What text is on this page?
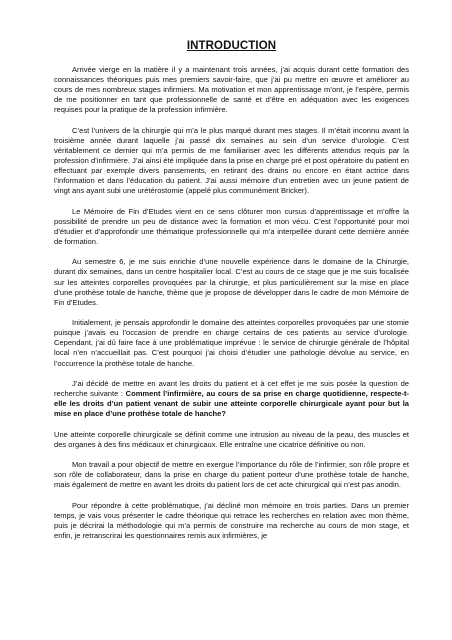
INTRODUCTION

Arrivée vierge en la matière il y a maintenant trois années, j’ai acquis durant cette formation des connaissances théoriques puis mes premiers savoir-faire, que j’ai pu mettre en œuvre et améliorer au cours de mes nombreux stages infirmiers. Ma motivation et mon apprentissage m’ont, je l’espère, permis de me positionner en tant que professionnelle de santé et d’être en adéquation avec les exigences requises pour la pratique de la profession infirmière.

C’est l’univers de la chirurgie qui m’a le plus marqué durant mes stages. Il m’était inconnu avant la troisième année durant laquelle j’ai passé dix semaines au sein d’un service d’urologie. C’est véritablement ce dernier qui m’a permis de me familiariser avec les différents attendus requis par la profession d’infirmière. J’ai ainsi été impliquée dans la prise en charge pré et post opératoire du patient en effectuant par exemple divers pansements, en retirant des drains ou encore en étant actrice dans l’information et dans l’éducation du patient. J’ai aussi mémoire d’un entretien avec un jeune patient de vingt ans ayant subi une urétérostomie (appelé plus communément Bricker).

Le Mémoire de Fin d’Etudes vient en ce sens clôturer mon cursus d’apprentissage et m’offre la possibilité de prendre un peu de distance avec la formation et mon vécu. C’est l’opportunité pour moi d’étudier et d’approfondir une thématique professionnelle qui m’a interpellée durant cette dernière année de formation.

Au semestre 6, je me suis enrichie d’une nouvelle expérience dans le domaine de la Chirurgie, durant dix semaines, dans un centre hospitalier local. C’est au cours de ce stage que je me suis focalisée sur les atteintes corporelles provoquées par la chirurgie, et plus particulièrement sur la mise en place d’une prothèse totale de hanche, thème que je propose de développer dans le cadre de mon Mémoire de Fin d’Etudes.

Initialement, je pensais approfondir le domaine des atteintes corporelles provoquées par une stomie puisque j’avais eu l’occasion de prendre en charge certains de ces patients au service d’urologie. Cependant, j’ai dû faire face à une problématique imprévue : le service de chirurgie générale de l’hôpital local n’en n’accueillait pas. C’est pourquoi j’ai choisi d’étudier une pathologie dévolue au service, en l’occurrence la prothèse totale de hanche.

J’ai décidé de mettre en avant les droits du patient et à cet effet je me suis posée la question de recherche suivante : Comment l’infirmière, au cours de sa prise en charge quotidienne, respecte-t-elle les droits d’un patient venant de subir une atteinte corporelle chirurgicale ayant pour but la mise en place d’une prothèse totale de hanche?

Une atteinte corporelle chirurgicale se définit comme une intrusion au niveau de la peau, des muscles et des organes à des fins médicaux et chirurgicaux. Elle entraîne une cicatrice définitive ou non.

Mon travail a pour objectif de mettre en exergue l’importance du rôle de l’infirmier, son rôle propre et son rôle de collaborateur, dans la prise en charge du patient porteur d’une prothèse totale de hanche, mais également de mettre en avant les droits du patient lors de cet acte chirurgical qui n’est pas anodin.

Pour répondre à cette problématique, j’ai décliné mon mémoire en trois parties. Dans un premier temps, je vais vous présenter le cadre théorique qui retrace les recherches en relation avec mon thème, puis je décrirai la méthodologie qui m’a permis de construire ma recherche au cours de mon stage, et enfin, je retranscrirai les questionnaires remis aux infirmières, je
